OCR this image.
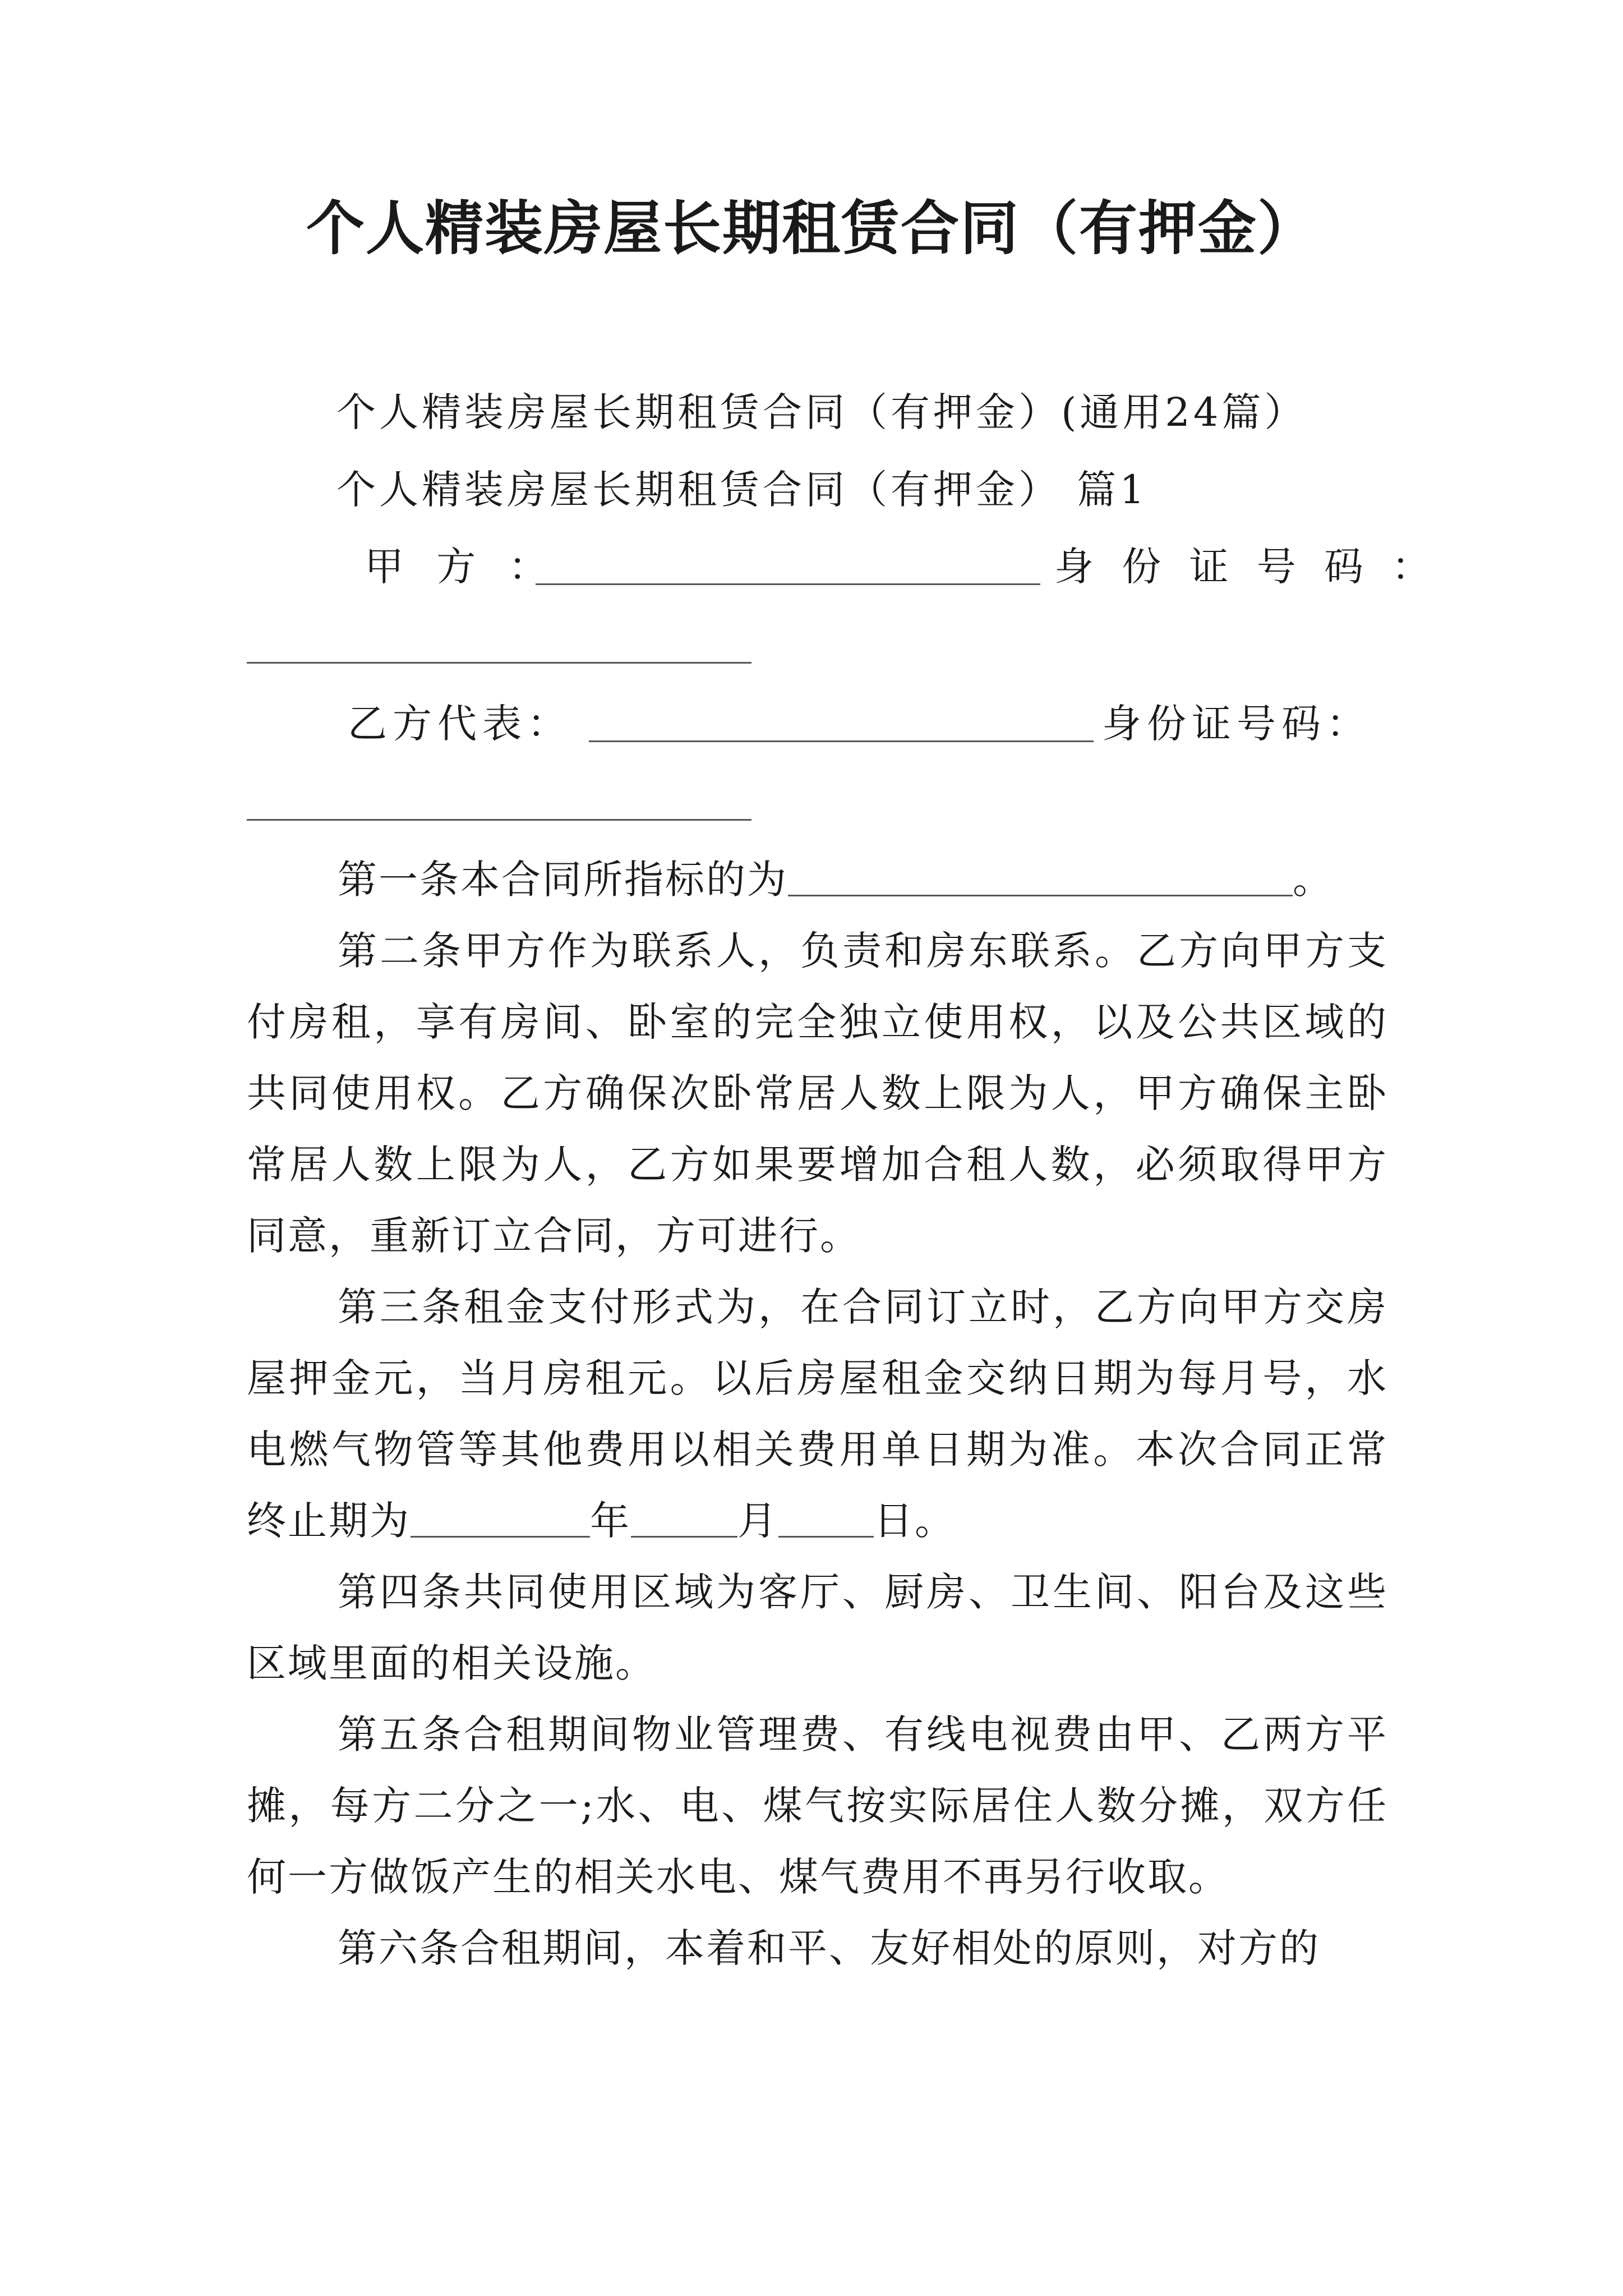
个人精装房屋长期租赁合同（有押金）
个人精装房屋长期租赁合同（有押金）(通用24篇）
个人精装房屋长期租赁合同（有押金） 篇1
甲 方 ：	身 份 证 号 码 ：
乙方代表：	身份证号码：

第一条本合同所指标的为	。

第二条甲方作为联系人，负责和房东联系。乙方向甲方支付房租，享有房间、卧室的完全独立使用权，以及公共区域的共同使用权。乙方确保次卧常居人数上限为人，甲方确保主卧常居人数上限为人，乙方如果要增加合租人数，必须取得甲方同意，重新订立合同，方可进行。

第三条租金支付形式为，在合同订立时，乙方向甲方交房屋押金元，当月房租元。以后房屋租金交纳日期为每月号，水电燃气物管等其他费用以相关费用单日期为准。本次合同正常终止期为	年	月 日。

第四条共同使用区域为客厅、厨房、卫生间、阳台及这些区域里面的相关设施。

第五条合租期间物业管理费、有线电视费由甲、乙两方平摊，每方二分之一;水、电、煤气按实际居住人数分摊，双方任何一方做饭产生的相关水电、煤气费用不再另行收取。

第六条合租期间，本着和平、友好相处的原则，对方的
